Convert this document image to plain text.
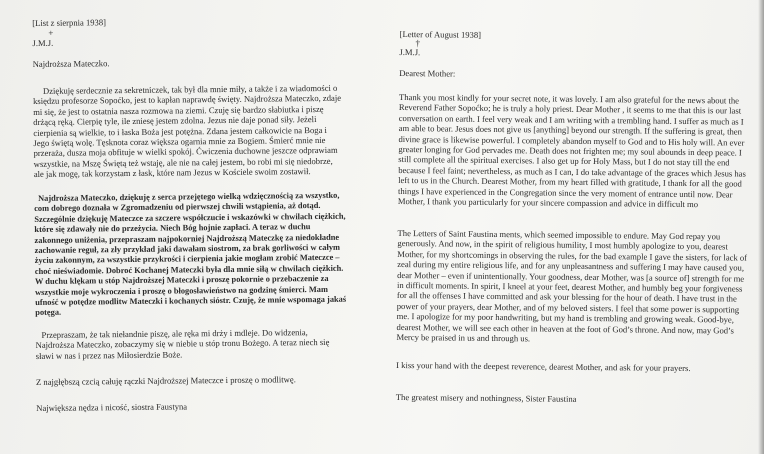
[List z sierpnia 1938]
+
J.M.J.
Najdroższa Mateczko.

Dziękuję serdecznie za sekretniczek, tak był dla mnie miły, a także i za wiadomości o księdzu profesorze Sopoćko, jest to kapłan naprawdę święty. Najdroższa Mateczko, zdaje mi się, że jest to ostatnia nasza rozmowa na ziemi. Czuję się bardzo słabiutka i piszę drżącą ręką. Cierpię tyle, ile zniesę jestem zdolna. Jezus nie daje ponad siły. Jeżeli cierpienia są wielkie, to i łaska Boża jest potężna. Zdana jestem całkowicie na Boga i Jego świętą wolę. Tęsknota coraz większa ogarnia mnie za Bogiem. Śmierć mnie nie przeraża, dusza moja obfituje w wielki spokój. Ćwiczenia duchowne jeszcze odprawiam wszystkie, na Mszę Świętą też wstaję, ale nie na całej jestem, bo robi mi się niedobrze, ale jak mogę, tak korzystam z łask, które nam Jezus w Kościele swoim zostawił.

Najdroższa Mateczko, dziękuję z serca przejętego wielką wdzięcznością za wszystko, com dobrego doznała w Zgromadzeniu od pierwszej chwili wstąpienia, aż dotąd. Szczególnie dziękuję Mateczce za szczere współczucie i wskazówki w chwilach ciężkich, które się zdawały nie do przeżycia. Niech Bóg hojnie zapłaci. A teraz w duchu zakonnego uniżenia, przepraszam najpokorniej Najdroższą Mateczkę za niedokładne zachowanie reguł, za zły przykład jaki dawałam siostrom, za brak gorliwości w całym życiu zakonnym, za wszystkie przykrości i cierpienia jakie mogłam zrobić Mateczce – choć nieświadomie. Dobroć Kochanej Mateczki była dla mnie siłą w chwilach ciężkich. W duchu klękam u stóp Najdroższej Mateczki i proszę pokornie o przebaczenie za wszystkie moje wykroczenia i proszę o błogosławieństwo na godzinę śmierci. Mam ufność w potędze modlitw Mateczki i kochanych sióstr. Czuję, że mnie wspomaga jakaś potęga.

Przepraszam, że tak niełandnie piszę, ale ręka mi drży i mdleje. Do widzenia, Najdroższa Mateczko, zobaczymy się w niebie u stóp tronu Bożego. A teraz niech się sławi w nas i przez nas Miłosierdzie Boże.

Z najgłębszą czcią całuję rączki Najdroższej Mateczce i proszę o modlitwę.
Największa nędza i nicość, siostra Faustyna
[Letter of August 1938]
†
J.M.J.
Dearest Mother:

Thank you most kindly for your secret note, it was lovely. I am also grateful for the news about the Reverend Father Sopoćko; he is truly a holy priest. Dear Mother , it seems to me that this is our last conversation on earth. I feel very weak and I am writing with a trembling hand. I suffer as much as I am able to bear. Jesus does not give us [anything] beyond our strength. If the suffering is great, then divine grace is likewise powerful. I completely abandon myself to God and to His holy will. An ever greater longing for God pervades me. Death does not frighten me; my soul abounds in deep peace. I still complete all the spiritual exercises. I also get up for Holy Mass, but I do not stay till the end because I feel faint; nevertheless, as much as I can, I do take advantage of the graces which Jesus has left to us in the Church. Dearest Mother, from my heart filled with gratitude, I thank for all the good things I have experienced in the Congregation since the very moment of entrance until now. Dear Mother, I thank you particularly for your sincere compassion and advice in difficult mo

The Letters of Saint Faustina ments, which seemed impossible to endure. May God repay you generously. And now, in the spirit of religious humility, I most humbly apologize to you, dearest Mother, for my shortcomings in observing the rules, for the bad example I gave the sisters, for lack of zeal during my entire religious life, and for any unpleasantness and suffering I may have caused you, dear Mother – even if unintentionally. Your goodness, dear Mother, was [a source of] strength for me in difficult moments. In spirit, I kneel at your feet, dearest Mother, and humbly beg your forgiveness for all the offenses I have committed and ask your blessing for the hour of death. I have trust in the power of your prayers, dear Mother, and of my beloved sisters. I feel that some power is supporting me. I apologize for my poor handwriting, but my hand is trembling and growing weak. Good-bye, dearest Mother, we will see each other in heaven at the foot of God’s throne. And now, may God’s Mercy be praised in us and through us.

I kiss your hand with the deepest reverence, dearest Mother, and ask for your prayers.

The greatest misery and nothingness, Sister Faustina
